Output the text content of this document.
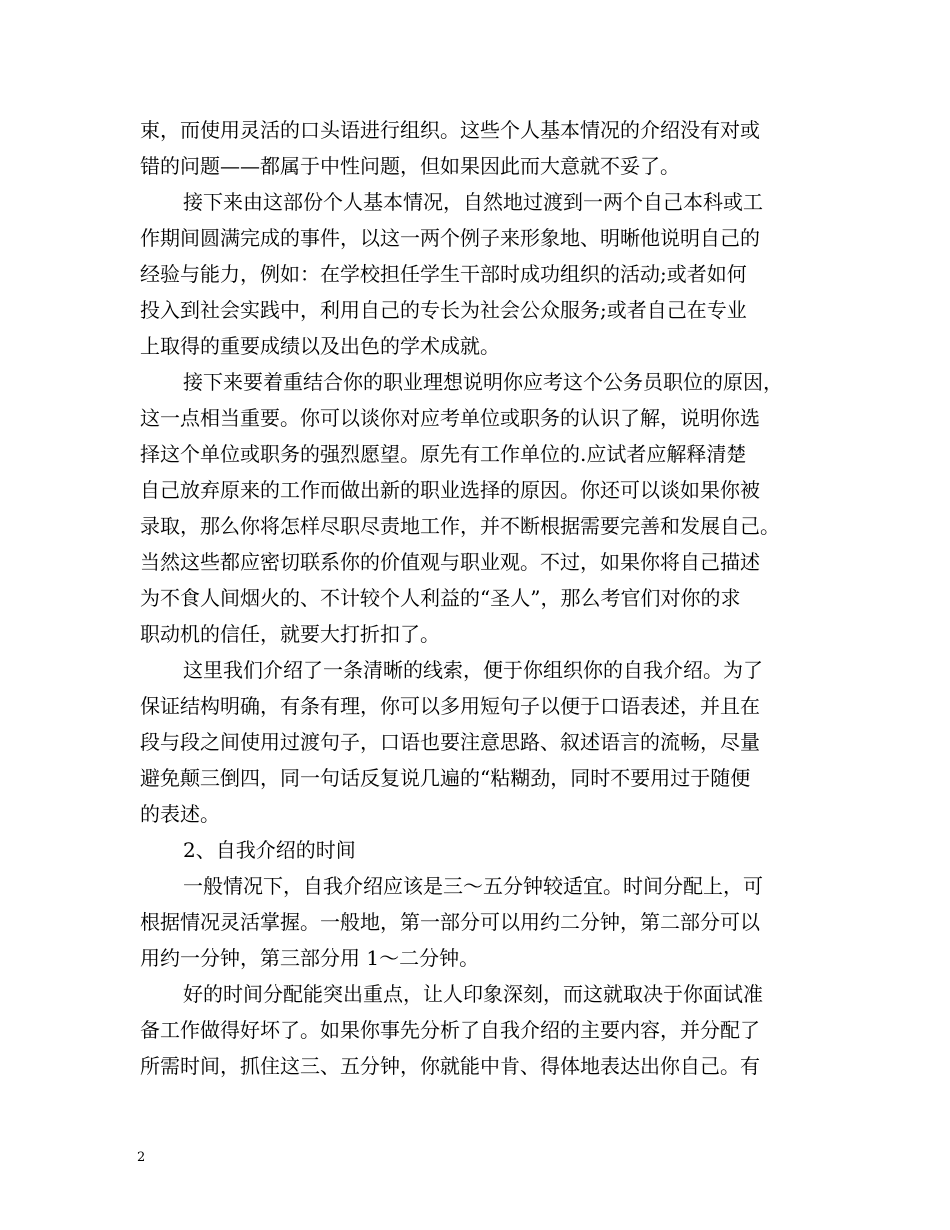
束，而使用灵活的口头语进行组织。这些个人基本情况的介绍没有对或
错的问题——都属于中性问题，但如果因此而大意就不妥了。
接下来由这部份个人基本情况，自然地过渡到一两个自己本科或工
作期间圆满完成的事件，以这一两个例子来形象地、明晰他说明自己的
经验与能力，例如：在学校担任学生干部时成功组织的活动;或者如何
投入到社会实践中，利用自己的专长为社会公众服务;或者自己在专业
上取得的重要成绩以及出色的学术成就。
接下来要着重结合你的职业理想说明你应考这个公务员职位的原因，
这一点相当重要。你可以谈你对应考单位或职务的认识了解，说明你选
择这个单位或职务的强烈愿望。原先有工作单位的.应试者应解释清楚
自己放弃原来的工作而做出新的职业选择的原因。你还可以谈如果你被
录取，那么你将怎样尽职尽责地工作，并不断根据需要完善和发展自己。
当然这些都应密切联系你的价值观与职业观。不过，如果你将自己描述
为不食人间烟火的、不计较个人利益的“圣人”，那么考官们对你的求
职动机的信任，就要大打折扣了。
这里我们介绍了一条清晰的线索，便于你组织你的自我介绍。为了
保证结构明确，有条有理，你可以多用短句子以便于口语表述，并且在
段与段之间使用过渡句子，口语也要注意思路、叙述语言的流畅，尽量
避免颠三倒四，同一句话反复说几遍的“粘糊劲，同时不要用过于随便
的表述。
2、自我介绍的时间
一般情况下，自我介绍应该是三～五分钟较适宜。时间分配上，可
根据情况灵活掌握。一般地，第一部分可以用约二分钟，第二部分可以
用约一分钟，第三部分用 1～二分钟。
好的时间分配能突出重点，让人印象深刻，而这就取决于你面试准
备工作做得好坏了。如果你事先分析了自我介绍的主要内容，并分配了
所需时间，抓住这三、五分钟，你就能中肯、得体地表达出你自己。有
2
